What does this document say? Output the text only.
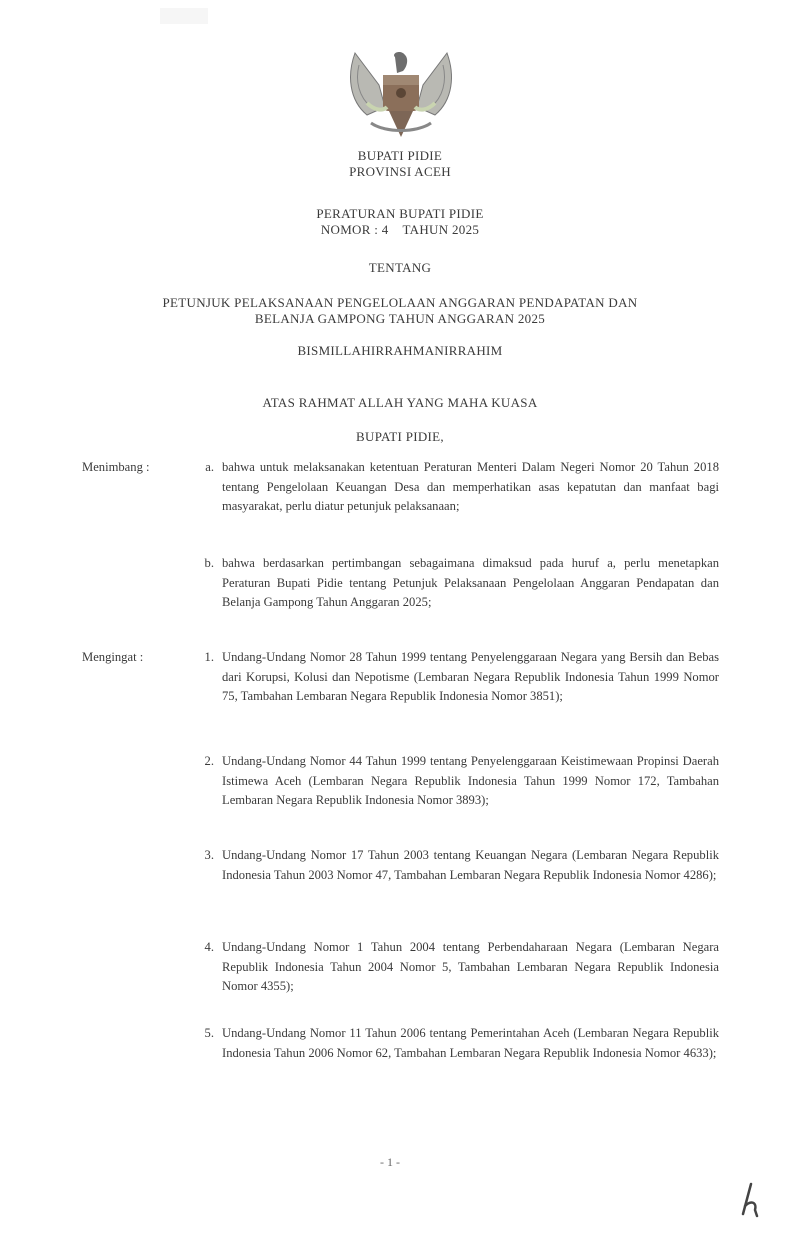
BUPATI PIDIE
PROVINSI ACEH
PERATURAN BUPATI PIDIE
NOMOR : 4    TAHUN 2025
TENTANG
PETUNJUK PELAKSANAAN PENGELOLAAN ANGGARAN PENDAPATAN DAN
BELANJA GAMPONG TAHUN ANGGARAN 2025
BISMILLAHIRRAHMANIRRAHIM
ATAS RAHMAT ALLAH YANG MAHA KUASA
BUPATI PIDIE,
Menimbang :	a. bahwa untuk melaksanakan ketentuan Peraturan Menteri Dalam Negeri Nomor 20 Tahun 2018 tentang Pengelolaan Keuangan Desa dan memperhatikan asas kepatutan dan manfaat bagi masyarakat, perlu diatur petunjuk pelaksanaan;
b. bahwa berdasarkan pertimbangan sebagaimana dimaksud pada huruf a, perlu menetapkan Peraturan Bupati Pidie tentang Petunjuk Pelaksanaan Pengelolaan Anggaran Pendapatan dan Belanja Gampong Tahun Anggaran 2025;
Mengingat :	1. Undang-Undang Nomor 28 Tahun 1999 tentang Penyelenggaraan Negara yang Bersih dan Bebas dari Korupsi, Kolusi dan Nepotisme (Lembaran Negara Republik Indonesia Tahun 1999 Nomor 75, Tambahan Lembaran Negara Republik Indonesia Nomor 3851);
2. Undang-Undang Nomor 44 Tahun 1999 tentang Penyelenggaraan Keistimewaan Propinsi Daerah Istimewa Aceh (Lembaran Negara Republik Indonesia Tahun 1999 Nomor 172, Tambahan Lembaran Negara Republik Indonesia Nomor 3893);
3. Undang-Undang Nomor 17 Tahun 2003 tentang Keuangan Negara (Lembaran Negara Republik Indonesia Tahun 2003 Nomor 47, Tambahan Lembaran Negara Republik Indonesia Nomor 4286);
4. Undang-Undang Nomor 1 Tahun 2004 tentang Perbendaharaan Negara (Lembaran Negara Republik Indonesia Tahun 2004 Nomor 5, Tambahan Lembaran Negara Republik Indonesia Nomor 4355);
5. Undang-Undang Nomor 11 Tahun 2006 tentang Pemerintahan Aceh (Lembaran Negara Republik Indonesia Tahun 2006 Nomor 62, Tambahan Lembaran Negara Republik Indonesia Nomor 4633);
- 1 -
